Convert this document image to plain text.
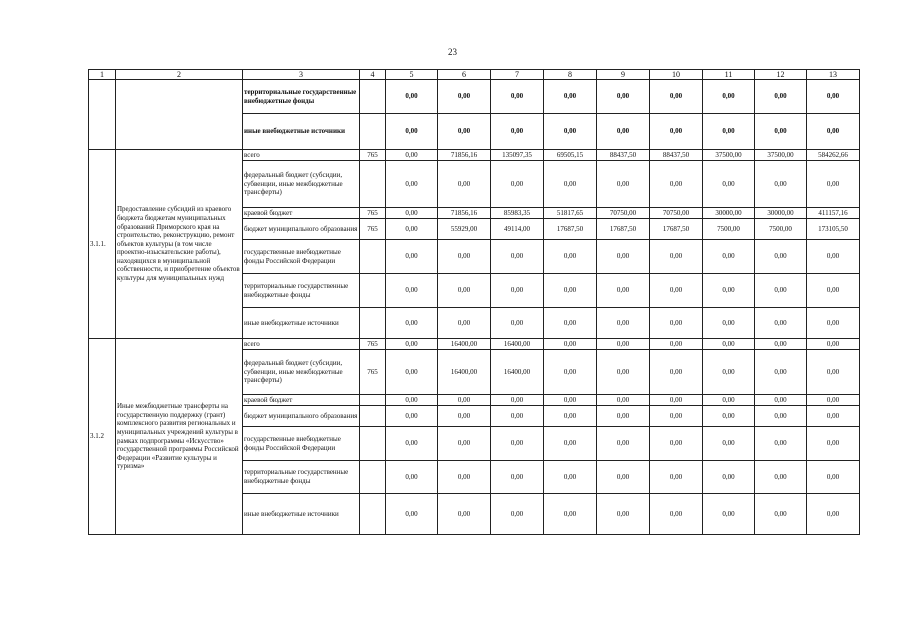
23
1	2	3	4	5	6	7	8	9	10	11	12	13
		территориальные государственные внебюджетные фонды		0,00	0,00	0,00	0,00	0,00	0,00	0,00	0,00	0,00
		иные внебюджетные источники		0,00	0,00	0,00	0,00	0,00	0,00	0,00	0,00	0,00
3.1.1.	Предоставление субсидий из краевого бюджета бюджетам муниципальных образований Приморского края на строительство, реконструкцию, ремонт объектов культуры (в том числе проектно-изыскательские работы), находящихся в муниципальной собственности, и приобретение объектов культуры для муниципальных нужд	всего	765	0,00	71856,16	135097,35	69505,15	88437,50	88437,50	37500,00	37500,00	584262,66
		федеральный бюджет (субсидии, субвенции, иные межбюджетные трансферты)		0,00	0,00	0,00	0,00	0,00	0,00	0,00	0,00	0,00
		краевой бюджет	765	0,00	71856,16	85983,35	51817,65	70750,00	70750,00	30000,00	30000,00	411157,16
		бюджет муниципального образования	765	0,00	55929,00	49114,00	17687,50	17687,50	17687,50	7500,00	7500,00	173105,50
		государственные внебюджетные фонды Российской Федерации		0,00	0,00	0,00	0,00	0,00	0,00	0,00	0,00	0,00
		территориальные государственные внебюджетные фонды		0,00	0,00	0,00	0,00	0,00	0,00	0,00	0,00	0,00
		иные внебюджетные источники		0,00	0,00	0,00	0,00	0,00	0,00	0,00	0,00	0,00
3.1.2	Иные межбюджетные трансферты на государственную поддержку (грант) комплексного развития региональных и муниципальных учреждений культуры в рамках подпрограммы «Искусство» государственной программы Российской Федерации «Развитие культуры и туризма»	всего	765	0,00	16400,00	16400,00	0,00	0,00	0,00	0,00	0,00	0,00
		федеральный бюджет (субсидии, субвенции, иные межбюджетные трансферты)	765	0,00	16400,00	16400,00	0,00	0,00	0,00	0,00	0,00	0,00
		краевой бюджет		0,00	0,00	0,00	0,00	0,00	0,00	0,00	0,00	0,00
		бюджет муниципального образования		0,00	0,00	0,00	0,00	0,00	0,00	0,00	0,00	0,00
		государственные внебюджетные фонды Российской Федерации		0,00	0,00	0,00	0,00	0,00	0,00	0,00	0,00	0,00
		территориальные государственные внебюджетные фонды		0,00	0,00	0,00	0,00	0,00	0,00	0,00	0,00	0,00
		иные внебюджетные источники		0,00	0,00	0,00	0,00	0,00	0,00	0,00	0,00	0,00
